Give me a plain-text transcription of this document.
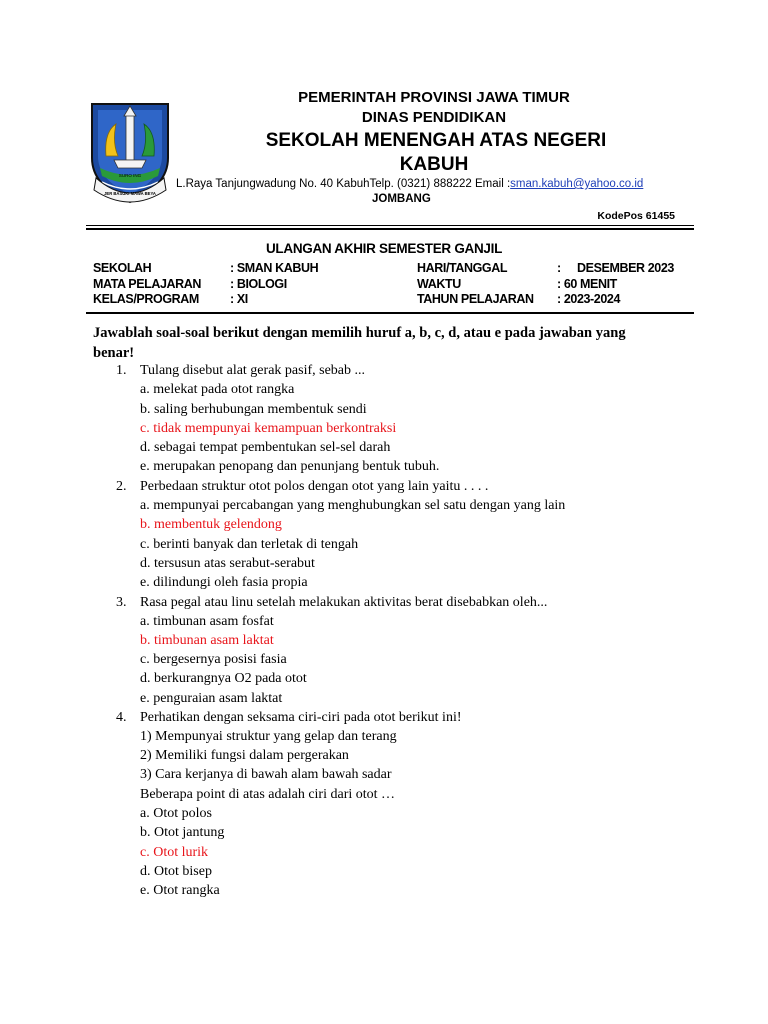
SURO ING
JER BASUKI MAWA BEYA
PEMERINTAH PROVINSI JAWA TIMUR
DINAS PENDIDIKAN
SEKOLAH MENENGAH ATAS NEGERI
KABUH
L.Raya Tanjungwadung No. 40 KabuhTelp. (0321) 888222 Email :sman.kabuh@yahoo.co.id
JOMBANG
KodePos 61455
ULANGAN AKHIR SEMESTER GANJIL
SEKOLAH	: SMAN KABUH
MATA PELAJARAN : BIOLOGI
KELAS/PROGRAM : XI
HARI/TANGGAL	: DESEMBER 2023
WAKTU	: 60 MENIT
TAHUN PELAJARAN : 2023-2024
Jawablah soal-soal berikut dengan memilih huruf a, b, c, d, atau e pada jawaban yang
benar!
1. Tulang disebut alat gerak pasif, sebab ...
a. melekat pada otot rangka
b. saling berhubungan membentuk sendi
c. tidak mempunyai kemampuan berkontraksi
d. sebagai tempat pembentukan sel-sel darah
e. merupakan penopang dan penunjang bentuk tubuh.
2. Perbedaan struktur otot polos dengan otot yang lain yaitu . . . .
a. mempunyai percabangan yang menghubungkan sel satu dengan yang lain
b. membentuk gelendong
c. berinti banyak dan terletak di tengah
d. tersusun atas serabut-serabut
e. dilindungi oleh fasia propia
3. Rasa pegal atau linu setelah melakukan aktivitas berat disebabkan oleh...
a. timbunan asam fosfat
b. timbunan asam laktat
c. bergesernya posisi fasia
d. berkurangnya O2 pada otot
e. penguraian asam laktat
4. Perhatikan dengan seksama ciri-ciri pada otot berikut ini!
1) Mempunyai struktur yang gelap dan terang
2) Memiliki fungsi dalam pergerakan
3) Cara kerjanya di bawah alam bawah sadar
Beberapa point di atas adalah ciri dari otot …
a. Otot polos
b. Otot jantung
c. Otot lurik
d. Otot bisep
e. Otot rangka
